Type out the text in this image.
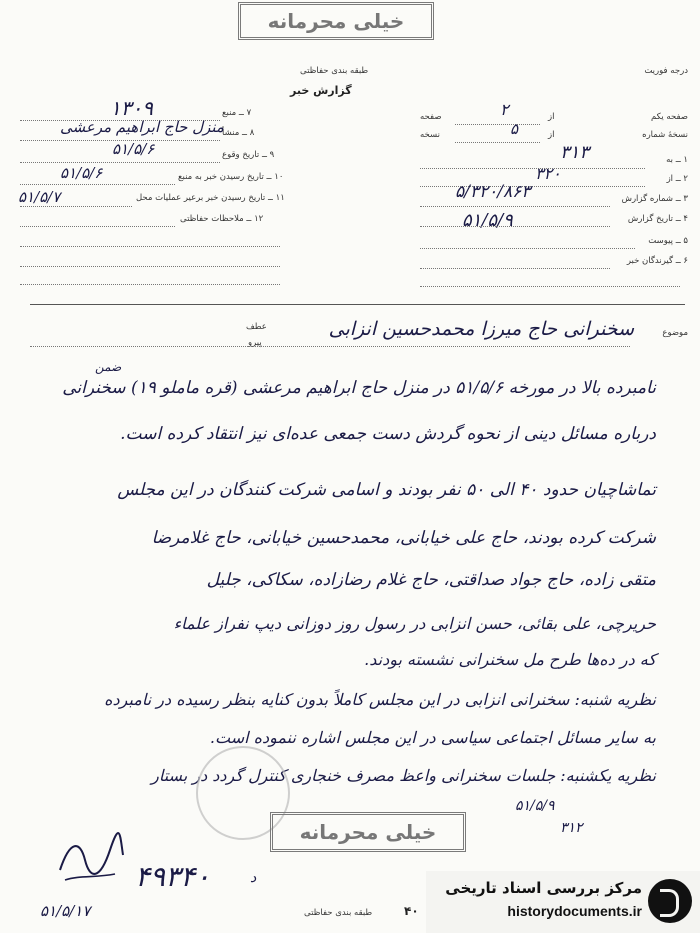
خیلی محرمانه
طبقه بندی حفاظتی	درجه فوریت
گزارش خبر
۷ ــ منبع
۱۳۰۹
۸ ــ منشأ
منزل حاج ابراهیم مرعشی
۹ ــ تاریخ وقوع
۵۱/۵/۶
۱۰ ــ تاریخ رسیدن خبر به منبع
۵۱/۵/۶
۱۱ ــ تاریخ رسیدن خبر برعیر عملیات محل
۵۱/۵/۷
۱۲ ــ ملاحظات حفاظتی
صفحه یکم
از
۲
صفحه
نسخهٔ شماره
از
۵
نسخه
۱ ــ به
۳۱۳
۲ ــ از
۳۲۰
۳ ــ شماره گزارش
۵/۳۲۰/۸۶۳
۴ ــ تاریخ گزارش
۵۱/۵/۹
۵ ــ پیوست
۶ ــ گیرندگان خبر
عطف
پیرو
موضوع
سخنرانی حاج میرزا محمدحسین انزابی
ضمن
نامبرده بالا در مورخه ۵۱/۵/۶ در منزل حاج ابراهیم مرعشی (قره ماملو ۱۹) سخنرانی
درباره مسائل دینی از نحوه گردش دست جمعی عده‌ای نیز انتقاد کرده است.
تماشاچیان حدود ۴۰ الی ۵۰ نفر بودند و اسامی شرکت کنندگان در این مجلس
شرکت کرده بودند، حاج علی خیابانی، محمدحسین خیابانی، حاج غلامرضا
متقی زاده، حاج جواد صداقتی، حاج غلام رضازاده، سکاکی، جلیل
حریرچی، علی بقائی، حسن انزابی در رسول روز دوزانی دیپ نفراز علماء
که در ده‌ها طرح مل سخنرانی نشسته بودند.
نظریه شنبه: سخنرانی انزابی در این مجلس کاملاً بدون کنایه بنظر رسیده در نامبرده
به سایر مسائل اجتماعی سیاسی در این مجلس اشاره ننموده است.
نظریه یکشنبه: جلسات سخنرانی واعظ مصرف خنجاری کنترل گردد در بستار
خیلی محرمانه
۵۱/۵/۹
۳۱۲
۴۹۳۴۰	د
۵۱/۵/۱۷	طبقه بندی حفاظتی	۴۰
مرکز بررسی اسناد تاریخی
historydocuments.ir
